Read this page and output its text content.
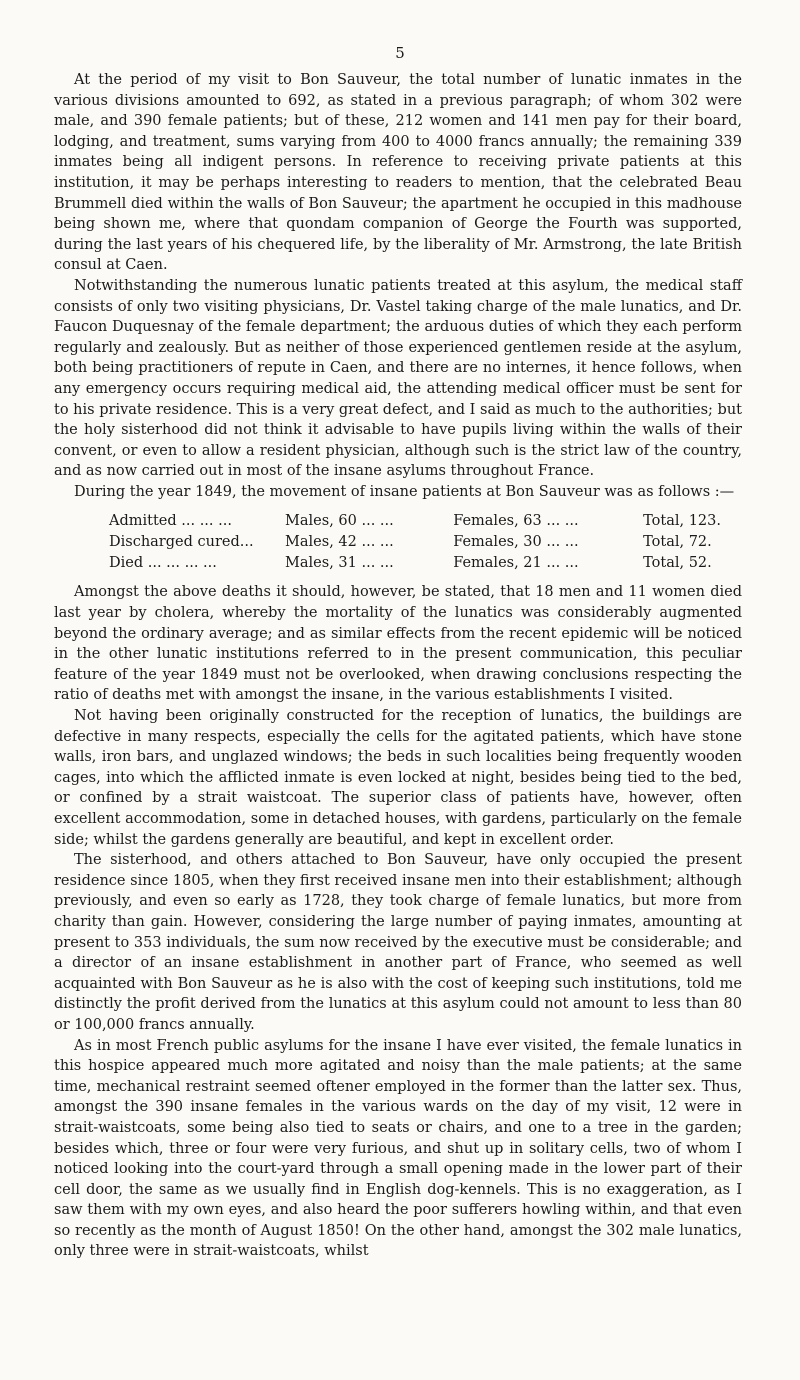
5

At the period of my visit to Bon Sauveur, the total number of lunatic inmates in the various divisions amounted to 692, as stated in a previous paragraph; of whom 302 were male, and 390 female patients; but of these, 212 women and 141 men pay for their board, lodging, and treatment, sums varying from 400 to 4000 francs annually; the remaining 339 inmates being all indigent persons. In reference to receiving private patients at this institution, it may be perhaps interesting to readers to mention, that the celebrated Beau Brummell died within the walls of Bon Sauveur; the apartment he occupied in this madhouse being shown me, where that quondam companion of George the Fourth was supported, during the last years of his chequered life, by the liberality of Mr. Armstrong, the late British consul at Caen.

Notwithstanding the numerous lunatic patients treated at this asylum, the medical staff consists of only two visiting physicians, Dr. Vastel taking charge of the male lunatics, and Dr. Faucon Duquesnay of the female department; the arduous duties of which they each perform regularly and zealously. But as neither of those experienced gentlemen reside at the asylum, both being practitioners of repute in Caen, and there are no internes, it hence follows, when any emergency occurs requiring medical aid, the attending medical officer must be sent for to his private residence. This is a very great defect, and I said as much to the authorities; but the holy sisterhood did not think it advisable to have pupils living within the walls of their convent, or even to allow a resident physician, although such is the strict law of the country, and as now carried out in most of the insane asylums throughout France.

During the year 1849, the movement of insane patients at Bon Sauveur was as follows :—

Admitted ... ... ...	Males, 60 ... ...	Females, 63 ... ...	Total, 123.
Discharged cured...	Males, 42 ... ...	Females, 30 ... ...	Total, 72.
Died ... ... ... ...	Males, 31 ... ...	Females, 21 ... ...	Total, 52.

Amongst the above deaths it should, however, be stated, that 18 men and 11 women died last year by cholera, whereby the mortality of the lunatics was considerably augmented beyond the ordinary average; and as similar effects from the recent epidemic will be noticed in the other lunatic institutions referred to in the present communication, this peculiar feature of the year 1849 must not be overlooked, when drawing conclusions respecting the ratio of deaths met with amongst the insane, in the various establishments I visited.

Not having been originally constructed for the reception of lunatics, the buildings are defective in many respects, especially the cells for the agitated patients, which have stone walls, iron bars, and unglazed windows; the beds in such localities being frequently wooden cages, into which the afflicted inmate is even locked at night, besides being tied to the bed, or confined by a strait waistcoat. The superior class of patients have, however, often excellent accommodation, some in detached houses, with gardens, particularly on the female side; whilst the gardens generally are beautiful, and kept in excellent order.

The sisterhood, and others attached to Bon Sauveur, have only occupied the present residence since 1805, when they first received insane men into their establishment; although previously, and even so early as 1728, they took charge of female lunatics, but more from charity than gain. However, considering the large number of paying inmates, amounting at present to 353 individuals, the sum now received by the executive must be considerable; and a director of an insane establishment in another part of France, who seemed as well acquainted with Bon Sauveur as he is also with the cost of keeping such institutions, told me distinctly the profit derived from the lunatics at this asylum could not amount to less than 80 or 100,000 francs annually.

As in most French public asylums for the insane I have ever visited, the female lunatics in this hospice appeared much more agitated and noisy than the male patients; at the same time, mechanical restraint seemed oftener employed in the former than the latter sex. Thus, amongst the 390 insane females in the various wards on the day of my visit, 12 were in strait-waistcoats, some being also tied to seats or chairs, and one to a tree in the garden; besides which, three or four were very furious, and shut up in solitary cells, two of whom I noticed looking into the court-yard through a small opening made in the lower part of their cell door, the same as we usually find in English dog-kennels. This is no exaggeration, as I saw them with my own eyes, and also heard the poor sufferers howling within, and that even so recently as the month of August 1850! On the other hand, amongst the 302 male lunatics, only three were in strait-waistcoats, whilst
